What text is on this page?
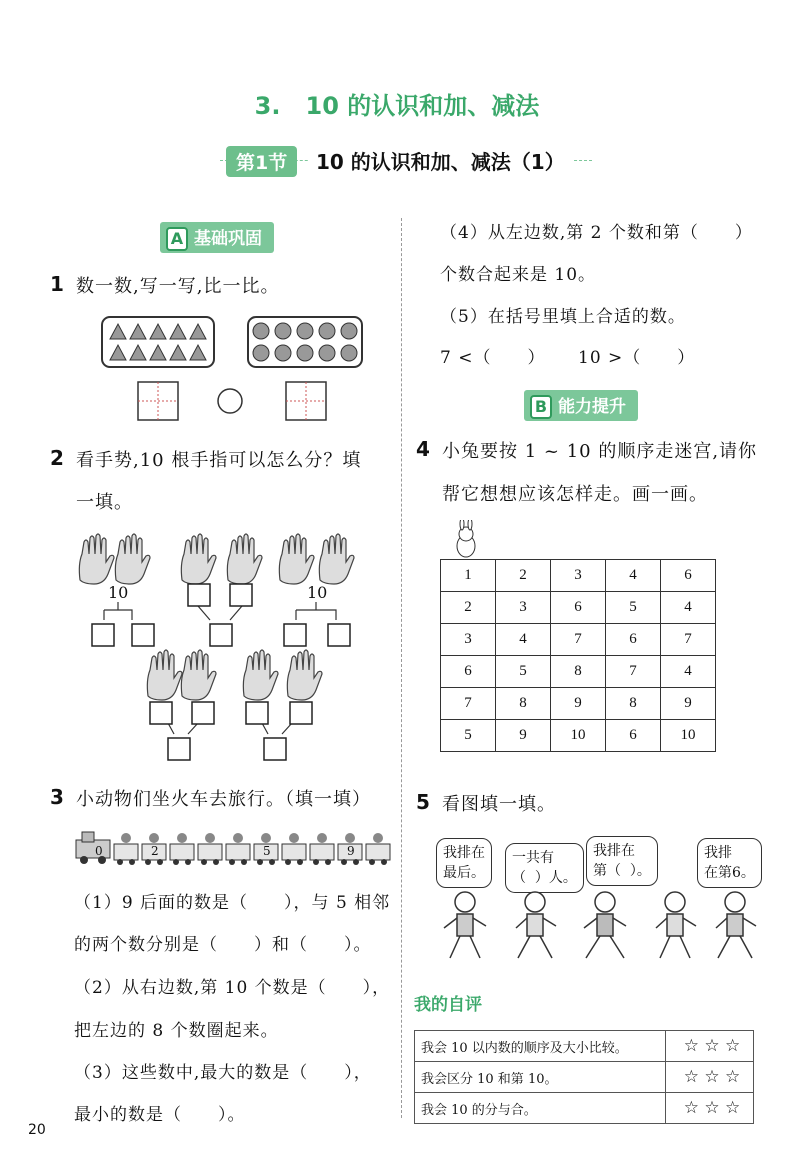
3.   10 的认识和加、减法
第1节	10 的认识和加、减法（1）
A 基础巩固
1 数一数,写一写,比一比。
2 看手势,10 根手指可以怎么分？填
一填。
10	10
3 小动物们坐火车去旅行。（填一填）
0	2	5	9
（1）9 后面的数是（　　），与 5 相邻
的两个数分别是（　　）和（　　）。
（2）从右边数,第 10 个数是（　　），
把左边的 8 个数圈起来。
（3）这些数中,最大的数是（　　），
最小的数是（　　）。
20
（4）从左边数,第 2 个数和第（　　）
个数合起来是 10。
（5）在括号里填上合适的数。
7 <（　　） 10 >（　　）
B 能力提升
4 小兔要按 1 ~ 10 的顺序走迷宫,请你
帮它想想应该怎样走。画一画。
1	2	3	4	6
2	3	6	5	4
3	4	7	6	7
6	5	8	7	4
7	8	9	8	9
5	9	10	6	10
5 看图填一填。
我排在
最后。
一共有
（  ）人。
我排在
第（  ）。
我排
在第6。
我的自评
我会 10 以内数的顺序及大小比较。	☆ ☆ ☆
我会区分 10 和第 10。	☆ ☆ ☆
我会 10 的分与合。	☆ ☆ ☆
